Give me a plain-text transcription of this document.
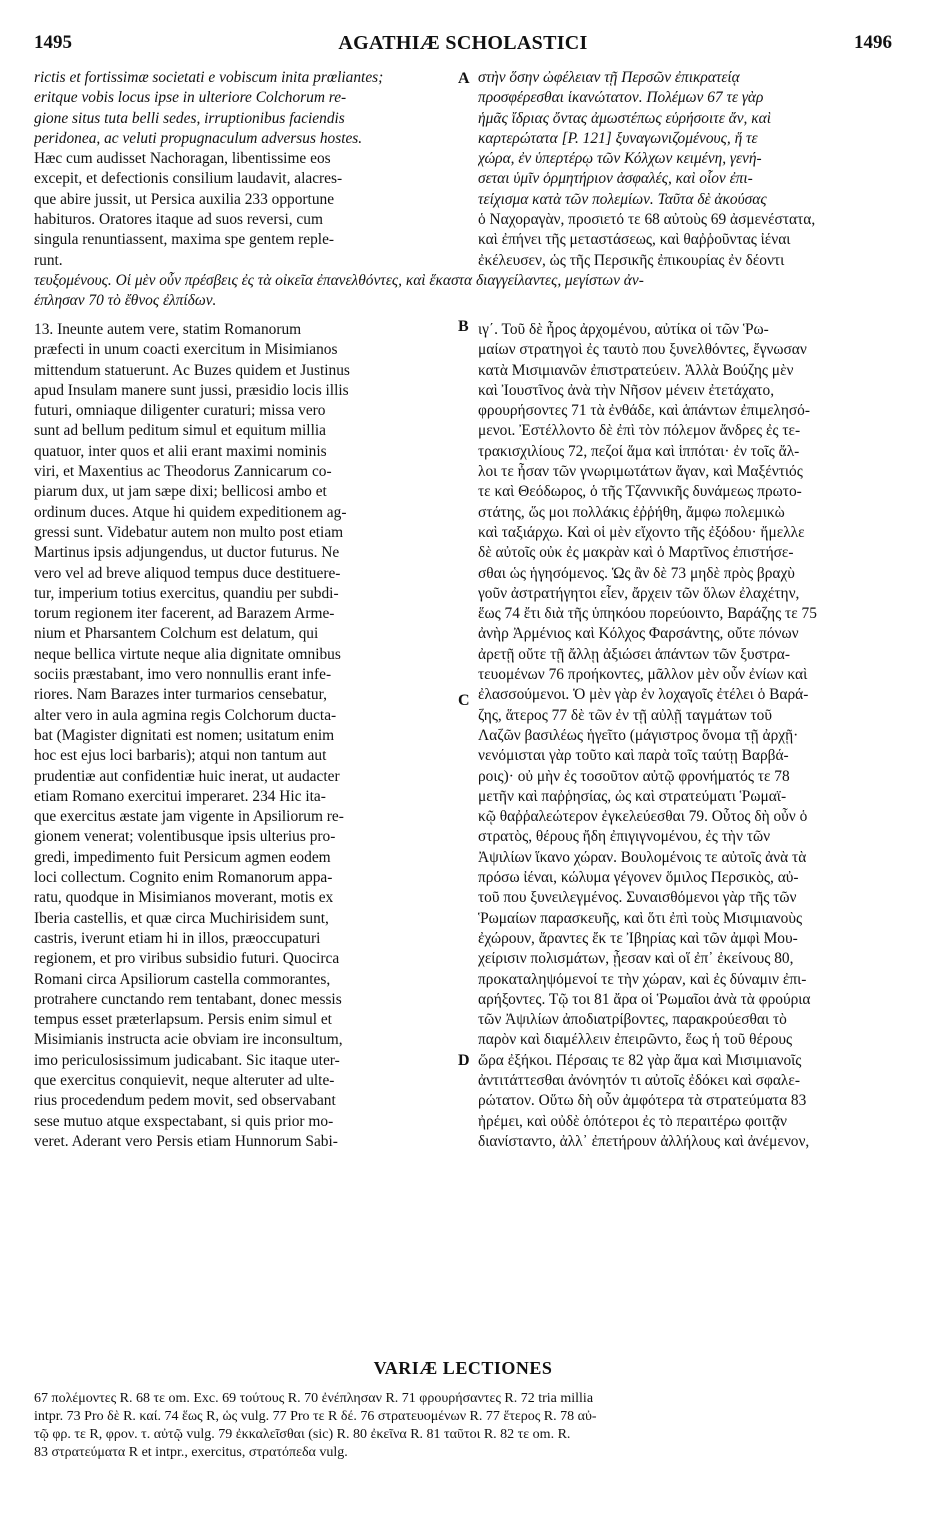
1495	AGATHIÆ SCHOLASTICI	1496
rictis et fortissimæ societati e vobiscum inita prœliantes;
eritque vobis locus ipse in ulteriore Colchorum re-
gione situs tuta belli sedes, irruptionibus faciendis
peridonea, ac veluti propugnaculum adversus hostes.
Hæc cum audisset Nachoragan, libentissime eos
excepit, et defectionis consilium laudavit, alacres-
que abire jussit, ut Persica auxilia 233 opportune
habituros. Oratores itaque ad suos reversi, cum
singula renuntiassent, maxima spe gentem reple-
runt.
στὴν ὅσην ὠφέλειαν τῇ Περσῶν ἐπικρατείᾳ
προσφέρεσθαι ἱκανώτατον. Πολέμων 67 τε γὰρ
ἡμᾶς ἴδριας ὄντας ἀμωστέπως εὑρήσοιτε ἄν, καὶ
καρτερώτατα [P. 121] ξυναγωνιζομένους, ἥ τε
χώρα, ἐν ὑπερτέρῳ τῶν Κόλχων κειμένη, γενή-
σεται ὑμῖν ὁρμητήριον ἀσφαλές, καὶ οἷον ἐπι-
τείχισμα κατὰ τῶν πολεμίων. Ταῦτα δὲ ἀκούσας
ὁ Ναχοραγὰν, προσιετό τε 68 αὐτοὺς 69 ἀσμενέστατα,
καὶ ἐπήνει τῆς μεταστάσεως, καὶ θαῤῥοῦντας ἰέναι
ἐκέλευσεν, ὡς τῆς Περσικῆς ἐπικουρίας ἐν δέοντι
τευξομένους. Οἱ μὲν οὖν πρέσβεις ἐς τὰ οἰκεῖα ἐπανελθόντες, καὶ ἕκαστα διαγγείλαντες, μεγίστων ἀν-
έπλησαν 70 τὸ ἔθνος ἐλπίδων.
A
B
C
D
13. Ineunte autem vere, statim Romanorum
præfecti in unum coacti exercitum in Misimianos
mittendum statuerunt. Ac Buzes quidem et Justinus
apud Insulam manere sunt jussi, præsidio locis illis
futuri, omniaque diligenter curaturi; missa vero
sunt ad bellum peditum simul et equitum millia
quatuor, inter quos et alii erant maximi nominis
viri, et Maxentius ac Theodorus Zannicarum co-
piarum dux, ut jam sæpe dixi; bellicosi ambo et
ordinum duces. Atque hi quidem expeditionem ag-
gressi sunt. Videbatur autem non multo post etiam
Martinus ipsis adjungendus, ut ductor futurus. Ne
vero vel ad breve aliquod tempus duce destituere-
tur, imperium totius exercitus, quandiu per subdi-
torum regionem iter facerent, ad Barazem Arme-
nium et Pharsantem Colchum est delatum, qui
neque bellica virtute neque alia dignitate omnibus
sociis præstabant, imo vero nonnullis erant infe-
riores. Nam Barazes inter turmarios censebatur,
alter vero in aula agmina regis Colchorum ducta-
bat (Magister dignitati est nomen; usitatum enim
hoc est ejus loci barbaris); atqui non tantum aut
prudentiæ aut confidentiæ huic inerat, ut audacter
etiam Romano exercitui imperaret. 234 Hic ita-
que exercitus æstate jam vigente in Apsiliorum re-
gionem venerat; volentibusque ipsis ulterius pro-
gredi, impedimento fuit Persicum agmen eodem
loci collectum. Cognito enim Romanorum appa-
ratu, quodque in Misimianos moverant, motis ex
Iberia castellis, et quæ circa Muchirisidem sunt,
castris, iverunt etiam hi in illos, præoccupaturi
regionem, et pro viribus subsidio futuri. Quocirca
Romani circa Apsiliorum castella commorantes,
protrahere cunctando rem tentabant, donec messis
tempus esset præterlapsum. Persis enim simul et
Misimianis instructa acie obviam ire inconsultum,
imo periculosissimum judicabant. Sic itaque uter-
que exercitus conquievit, neque alteruter ad ulte-
rius procedendum pedem movit, sed observabant
sese mutuo atque exspectabant, si quis prior mo-
veret. Aderant vero Persis etiam Hunnorum Sabi-
ιγ΄. Τοῦ δὲ ἦρος ἀρχομένου, αὐτίκα οἱ τῶν Ῥω-
μαίων στρατηγοὶ ἐς ταυτὸ που ξυνελθόντες, ἔγνωσαν
κατὰ Μισιμιανῶν ἐπιστρατεύειν. Ἀλλὰ Βούζης μὲν
καὶ Ἰουστῖνος ἀνὰ τὴν Νῆσον μένειν ἐτετάχατο,
φρουρήσοντες 71 τὰ ἐνθάδε, καὶ ἁπάντων ἐπιμελησό-
μενοι. Ἐστέλλοντο δὲ ἐπὶ τὸν πόλεμον ἄνδρες ἐς τε-
τρακισχιλίους 72, πεζοί ἅμα καὶ ἱππόται· ἐν τοῖς ἄλ-
λοι τε ἦσαν τῶν γνωριμωτάτων ἄγαν, καὶ Μαξέντιός
τε καὶ Θεόδωρος, ὁ τῆς Τζαννικῆς δυνάμεως πρωτο-
στάτης, ὥς μοι πολλάκις ἐῤῥήθη, ἄμφω πολεμικὼ
καὶ ταξιάρχω. Καὶ οἱ μὲν εἴχοντο τῆς ἐξόδου· ἤμελλε
δὲ αὐτοῖς οὐκ ἐς μακρὰν καὶ ὁ Μαρτῖνος ἐπιστήσε-
σθαι ὡς ἡγησόμενος. Ὡς ἂν δὲ 73 μηδὲ πρὸς βραχὺ
γοῦν ἀστρατήγητοι εἶεν, ἄρχειν τῶν ὅλων ἐλαχέτην,
ἕως 74 ἔτι διὰ τῆς ὑπηκόου πορεύοιντο, Βαράζης τε 75
ἀνὴρ Ἀρμένιος καὶ Κόλχος Φαρσάντης, οὔτε πόνων
ἀρετῇ οὔτε τῇ ἄλλῃ ἀξιώσει ἁπάντων τῶν ξυστρα-
τευομένων 76 προήκοντες, μᾶλλον μὲν οὖν ἐνίων καὶ
ἐλασσούμενοι. Ὁ μὲν γὰρ ἐν λοχαγοῖς ἐτέλει ὁ Βαρά-
ζης, ἅτερος 77 δὲ τῶν ἐν τῇ αὐλῇ ταγμάτων τοῦ
Λαζῶν βασιλέως ἡγεῖτο (μάγιστρος ὄνομα τῇ ἀρχῇ·
νενόμισται γὰρ τοῦτο καὶ παρὰ τοῖς ταύτῃ Βαρβά-
ροις)· οὐ μὴν ἐς τοσοῦτον αὐτῷ φρονήματός τε 78
μετῆν καὶ παῤῥησίας, ὡς καὶ στρατεύματι Ῥωμαϊ-
κῷ θαῤῥαλεώτερον ἐγκελεύεσθαι 79. Οὗτος δὴ οὖν ὁ
στρατὸς, θέρους ἤδη ἐπιγιγνομένου, ἐς τὴν τῶν
Ἀψιλίων ἵκανο χώραν. Βουλομένοις τε αὐτοῖς ἀνὰ τὰ
πρόσω ἰέναι, κώλυμα γέγονεν ὅμιλος Περσικὸς, αὐ-
τοῦ που ξυνειλεγμένος. Συναισθόμενοι γὰρ τῆς τῶν
Ῥωμαίων παρασκευῆς, καὶ ὅτι ἐπὶ τοὺς Μισιμιανοὺς
ἐχώρουν, ἄραντες ἔκ τε Ἰβηρίας καὶ τῶν ἀμφὶ Μου-
χείρισιν πολισμάτων, ᾖεσαν καὶ οἵ ἐπ᾽ ἐκείνους 80,
προκαταληψόμενοί τε τὴν χώραν, καὶ ἐς δύναμιν ἐπι-
αρήξοντες. Τῷ τοι 81 ἄρα οἱ Ῥωμαῖοι ἀνὰ τὰ φρούρια
τῶν Ἀψιλίων ἀποδιατρίβοντες, παρακρούεσθαι τὸ
παρὸν καὶ διαμέλλειν ἐπειρῶντο, ἕως ἡ τοῦ θέρους
ὥρα ἐξήκοι. Πέρσαις τε 82 γὰρ ἅμα καὶ Μισιμιανοῖς
ἀντιτάττεσθαι ἀνόνητόν τι αὐτοῖς ἐδόκει καὶ σφαλε-
ρώτατον. Οὕτω δὴ οὖν ἀμφότερα τὰ στρατεύματα 83
ἠρέμει, καὶ οὐδὲ ὁπότεροι ἐς τὸ περαιτέρω φοιτᾷν
διανίσταντο, ἀλλ᾽ ἐπετήρουν ἀλλήλους καὶ ἀνέμενον,
VARIÆ LECTIONES
67 πολέμοντες R. 68 τε om. Exc. 69 τούτους R. 70 ἐνέπλησαν R. 71 φρουρήσαντες R. 72 tria millia
intpr. 73 Pro δὲ R. καί. 74 ἕως R, ὡς vulg. 77 Pro τε R δέ. 76 στρατευομένων R. 77 ἕτερος R. 78 αὐ-
τῷ φρ. τε R, φρον. τ. αὐτῷ vulg. 79 ἐκκαλεῖσθαι (sic) R. 80 ἐκεῖνα R. 81 ταῦτοι R. 82 τε om. R.
83 στρατεύματα R et intpr., exercitus, στρατόπεδα vulg.
